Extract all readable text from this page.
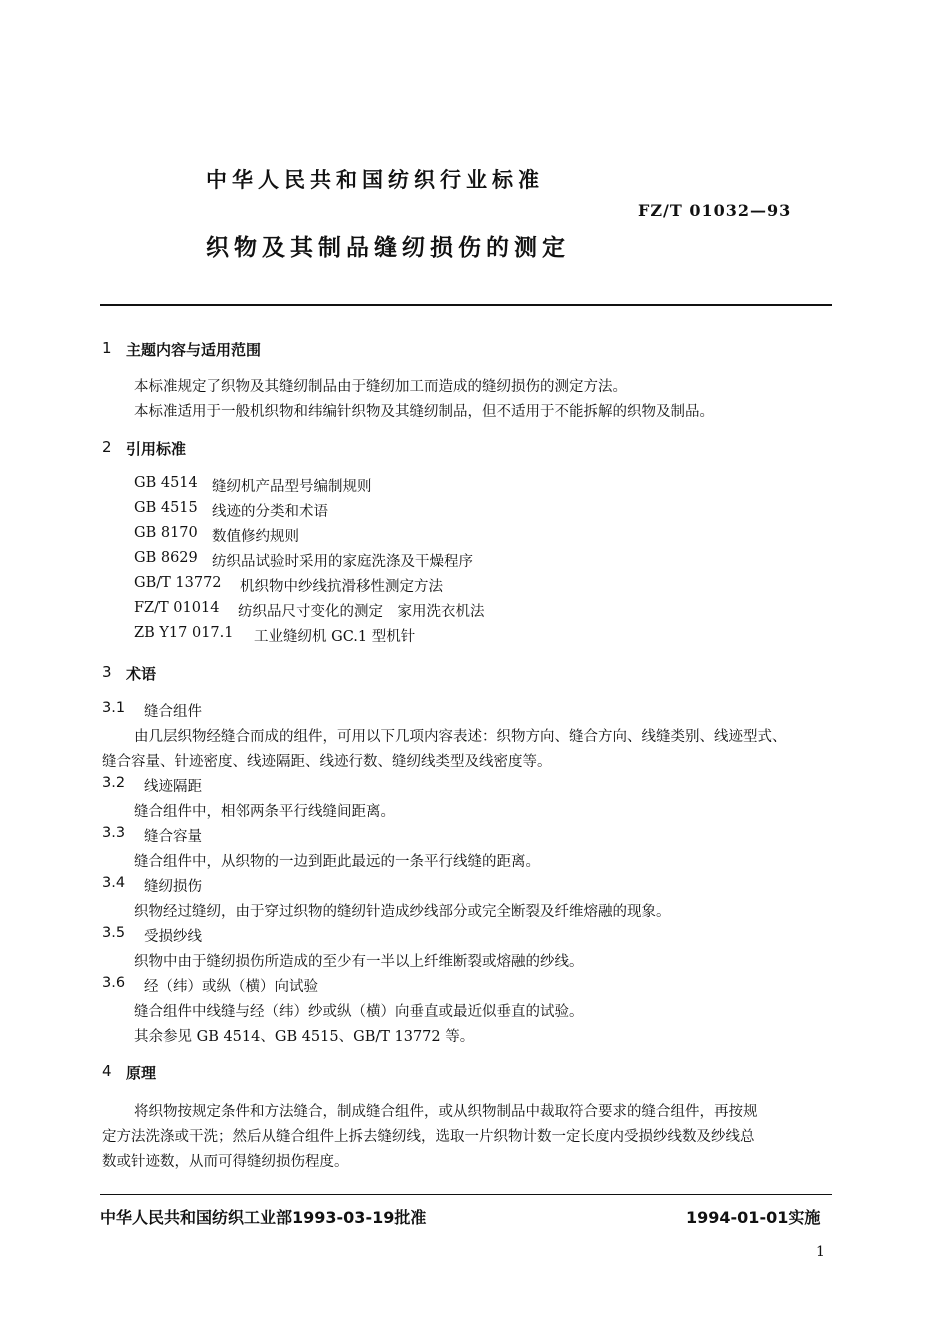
中华人民共和国纺织行业标准
FZ/T 01032—93
织物及其制品缝纫损伤的测定
1 主题内容与适用范围
本标准规定了织物及其缝纫制品由于缝纫加工而造成的缝纫损伤的测定方法。
本标准适用于一般机织物和纬编针织物及其缝纫制品，但不适用于不能拆解的织物及制品。
2 引用标准
GB 4514 缝纫机产品型号编制规则
GB 4515 线迹的分类和术语
GB 8170 数值修约规则
GB 8629 纺织品试验时采用的家庭洗涤及干燥程序
GB/T 13772 机织物中纱线抗滑移性测定方法
FZ/T 01014 纺织品尺寸变化的测定　家用洗衣机法
ZB Y17 017.1 工业缝纫机 GC.1 型机针
3 术语
3.1 缝合组件
由几层织物经缝合而成的组件，可用以下几项内容表述：织物方向、缝合方向、线缝类别、线迹型式、
缝合容量、针迹密度、线迹隔距、线迹行数、缝纫线类型及线密度等。
3.2 线迹隔距
缝合组件中，相邻两条平行线缝间距离。
3.3 缝合容量
缝合组件中，从织物的一边到距此最远的一条平行线缝的距离。
3.4 缝纫损伤
织物经过缝纫，由于穿过织物的缝纫针造成纱线部分或完全断裂及纤维熔融的现象。
3.5 受损纱线
织物中由于缝纫损伤所造成的至少有一半以上纤维断裂或熔融的纱线。
3.6 经（纬）或纵（横）向试验
缝合组件中线缝与经（纬）纱或纵（横）向垂直或最近似垂直的试验。
其余参见 GB 4514、GB 4515、GB/T 13772 等。
4 原理
将织物按规定条件和方法缝合，制成缝合组件，或从织物制品中裁取符合要求的缝合组件，再按规
定方法洗涤或干洗；然后从缝合组件上拆去缝纫线，选取一片织物计数一定长度内受损纱线数及纱线总
数或针迹数，从而可得缝纫损伤程度。
中华人民共和国纺织工业部1993-03-19批准	1994-01-01实施
1
